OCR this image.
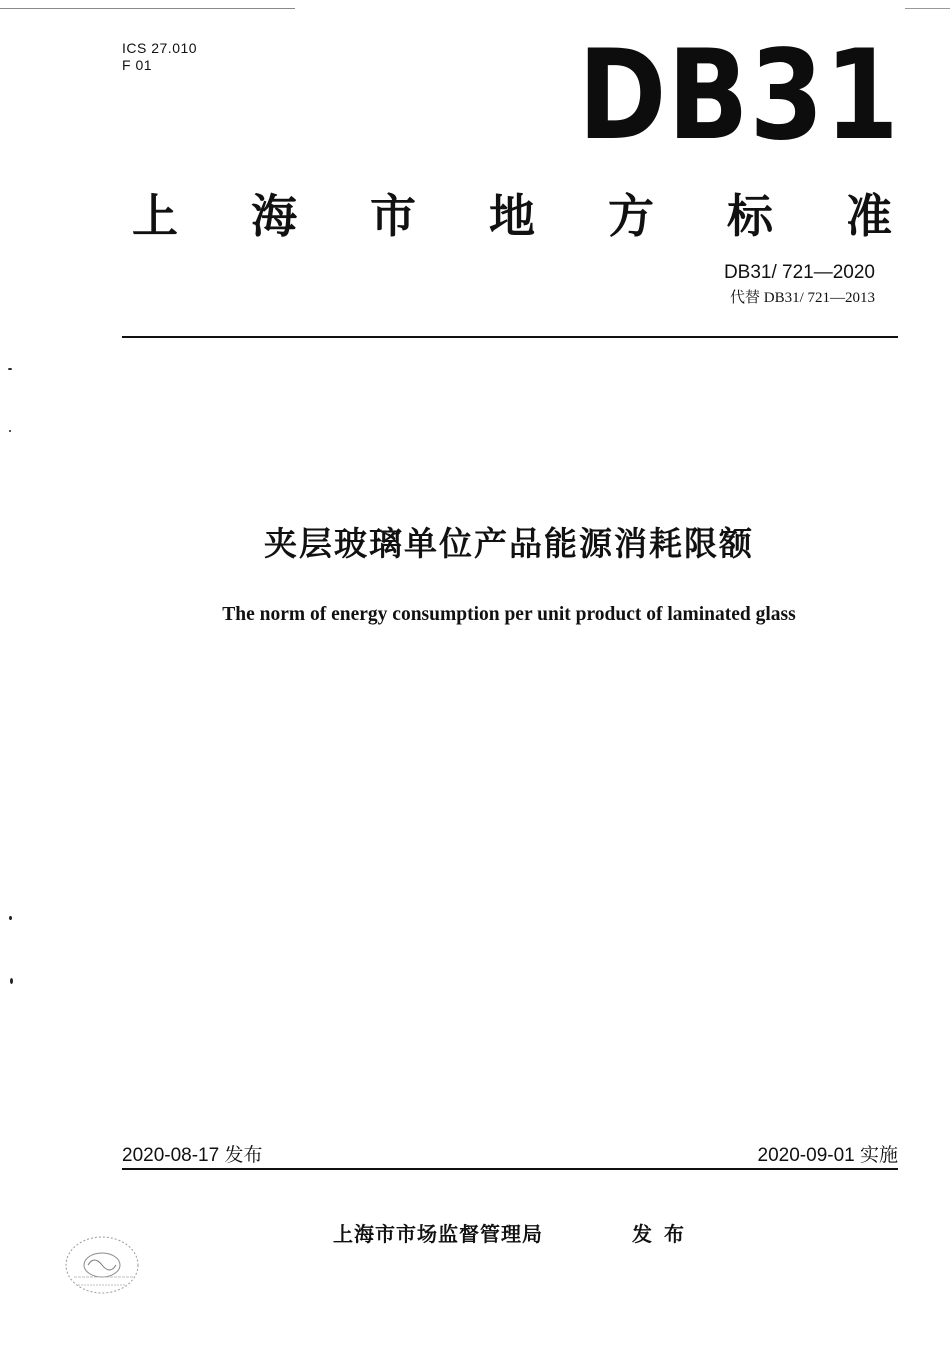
ICS 27.010
F 01	DB31
上 海 市 地 方 标 准
DB31/ 721—2020
代替 DB31/ 721—2013
夹层玻璃单位产品能源消耗限额
The norm of energy consumption per unit product of laminated glass
2020-08-17 发布	2020-09-01 实施
上海市市场监督管理局	发布
